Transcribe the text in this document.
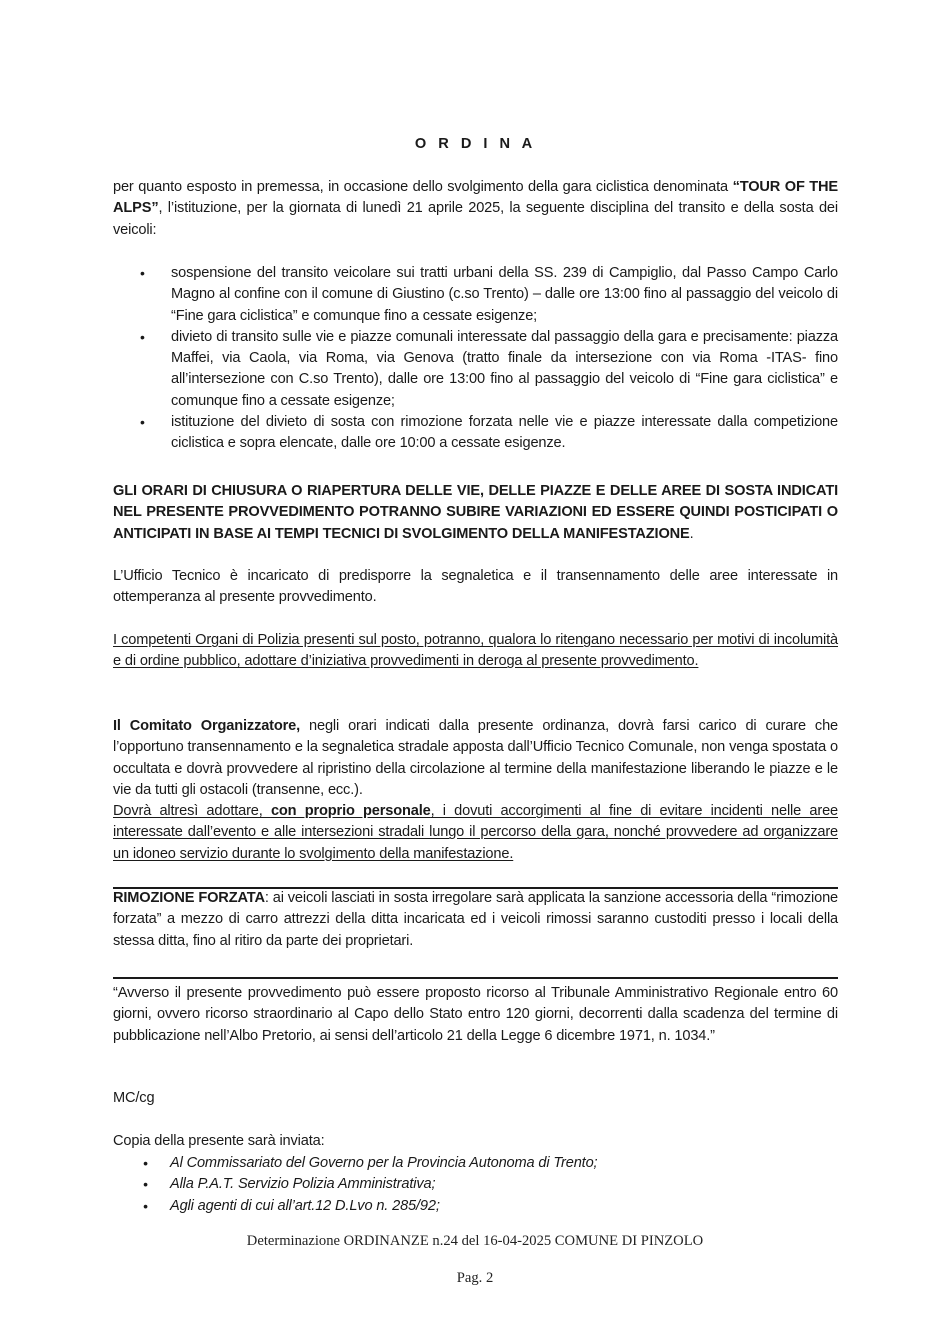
O R D I N A

per quanto esposto in premessa, in occasione dello svolgimento della gara ciclistica denominata “TOUR OF THE ALPS”, l’istituzione, per la giornata di lunedì 21 aprile 2025, la seguente disciplina del transito e della sosta dei veicoli:

• sospensione del transito veicolare sui tratti urbani della SS. 239 di Campiglio, dal Passo Campo Carlo Magno al confine con il comune di Giustino (c.so Trento) – dalle ore 13:00 fino al passaggio del veicolo di “Fine gara ciclistica” e comunque fino a cessate esigenze;
• divieto di transito sulle vie e piazze comunali interessate dal passaggio della gara e precisamente: piazza Maffei, via Caola, via Roma, via Genova (tratto finale da intersezione con via Roma -ITAS- fino all’intersezione con C.so Trento), dalle ore 13:00 fino al passaggio del veicolo di “Fine gara ciclistica” e comunque fino a cessate esigenze;
• istituzione del divieto di sosta con rimozione forzata nelle vie e piazze interessate dalla competizione ciclistica e sopra elencate, dalle ore 10:00 a cessate esigenze.

GLI ORARI DI CHIUSURA O RIAPERTURA DELLE VIE, DELLE PIAZZE E DELLE AREE DI SOSTA INDICATI NEL PRESENTE PROVVEDIMENTO POTRANNO SUBIRE VARIAZIONI ED ESSERE QUINDI POSTICIPATI O ANTICIPATI IN BASE AI TEMPI TECNICI DI SVOLGIMENTO DELLA MANIFESTAZIONE.

L’Ufficio Tecnico è incaricato di predisporre la segnaletica e il transennamento delle aree interessate in ottemperanza al presente provvedimento.

I competenti Organi di Polizia presenti sul posto, potranno, qualora lo ritengano necessario per motivi di incolumità e di ordine pubblico, adottare d’iniziativa provvedimenti in deroga al presente provvedimento.

Il Comitato Organizzatore, negli orari indicati dalla presente ordinanza, dovrà farsi carico di curare che l’opportuno transennamento e la segnaletica stradale apposta dall’Ufficio Tecnico Comunale, non venga spostata o occultata e dovrà provvedere al ripristino della circolazione al termine della manifestazione liberando le piazze e le vie da tutti gli ostacoli (transenne, ecc.).
Dovrà altresì adottare, con proprio personale, i dovuti accorgimenti al fine di evitare incidenti nelle aree interessate dall’evento e alle intersezioni stradali lungo il percorso della gara, nonché provvedere ad organizzare un idoneo servizio durante lo svolgimento della manifestazione.

RIMOZIONE FORZATA: ai veicoli lasciati in sosta irregolare sarà applicata la sanzione accessoria della “rimozione forzata” a mezzo di carro attrezzi della ditta incaricata ed i veicoli rimossi saranno custoditi presso i locali della stessa ditta, fino al ritiro da parte dei proprietari.

“Avverso il presente provvedimento può essere proposto ricorso al Tribunale Amministrativo Regionale entro 60 giorni, ovvero ricorso straordinario al Capo dello Stato entro 120 giorni, decorrenti dalla scadenza del termine di pubblicazione nell’Albo Pretorio, ai sensi dell’articolo 21 della Legge 6 dicembre 1971, n. 1034.”

MC/cg

Copia della presente sarà inviata:

• Al Commissariato del Governo per la Provincia Autonoma di Trento;
• Alla P.A.T. Servizio Polizia Amministrativa;
• Agli agenti di cui all’art.12 D.Lvo n. 285/92;
Determinazione ORDINANZE n.24 del 16-04-2025 COMUNE DI PINZOLO
Pag. 2
